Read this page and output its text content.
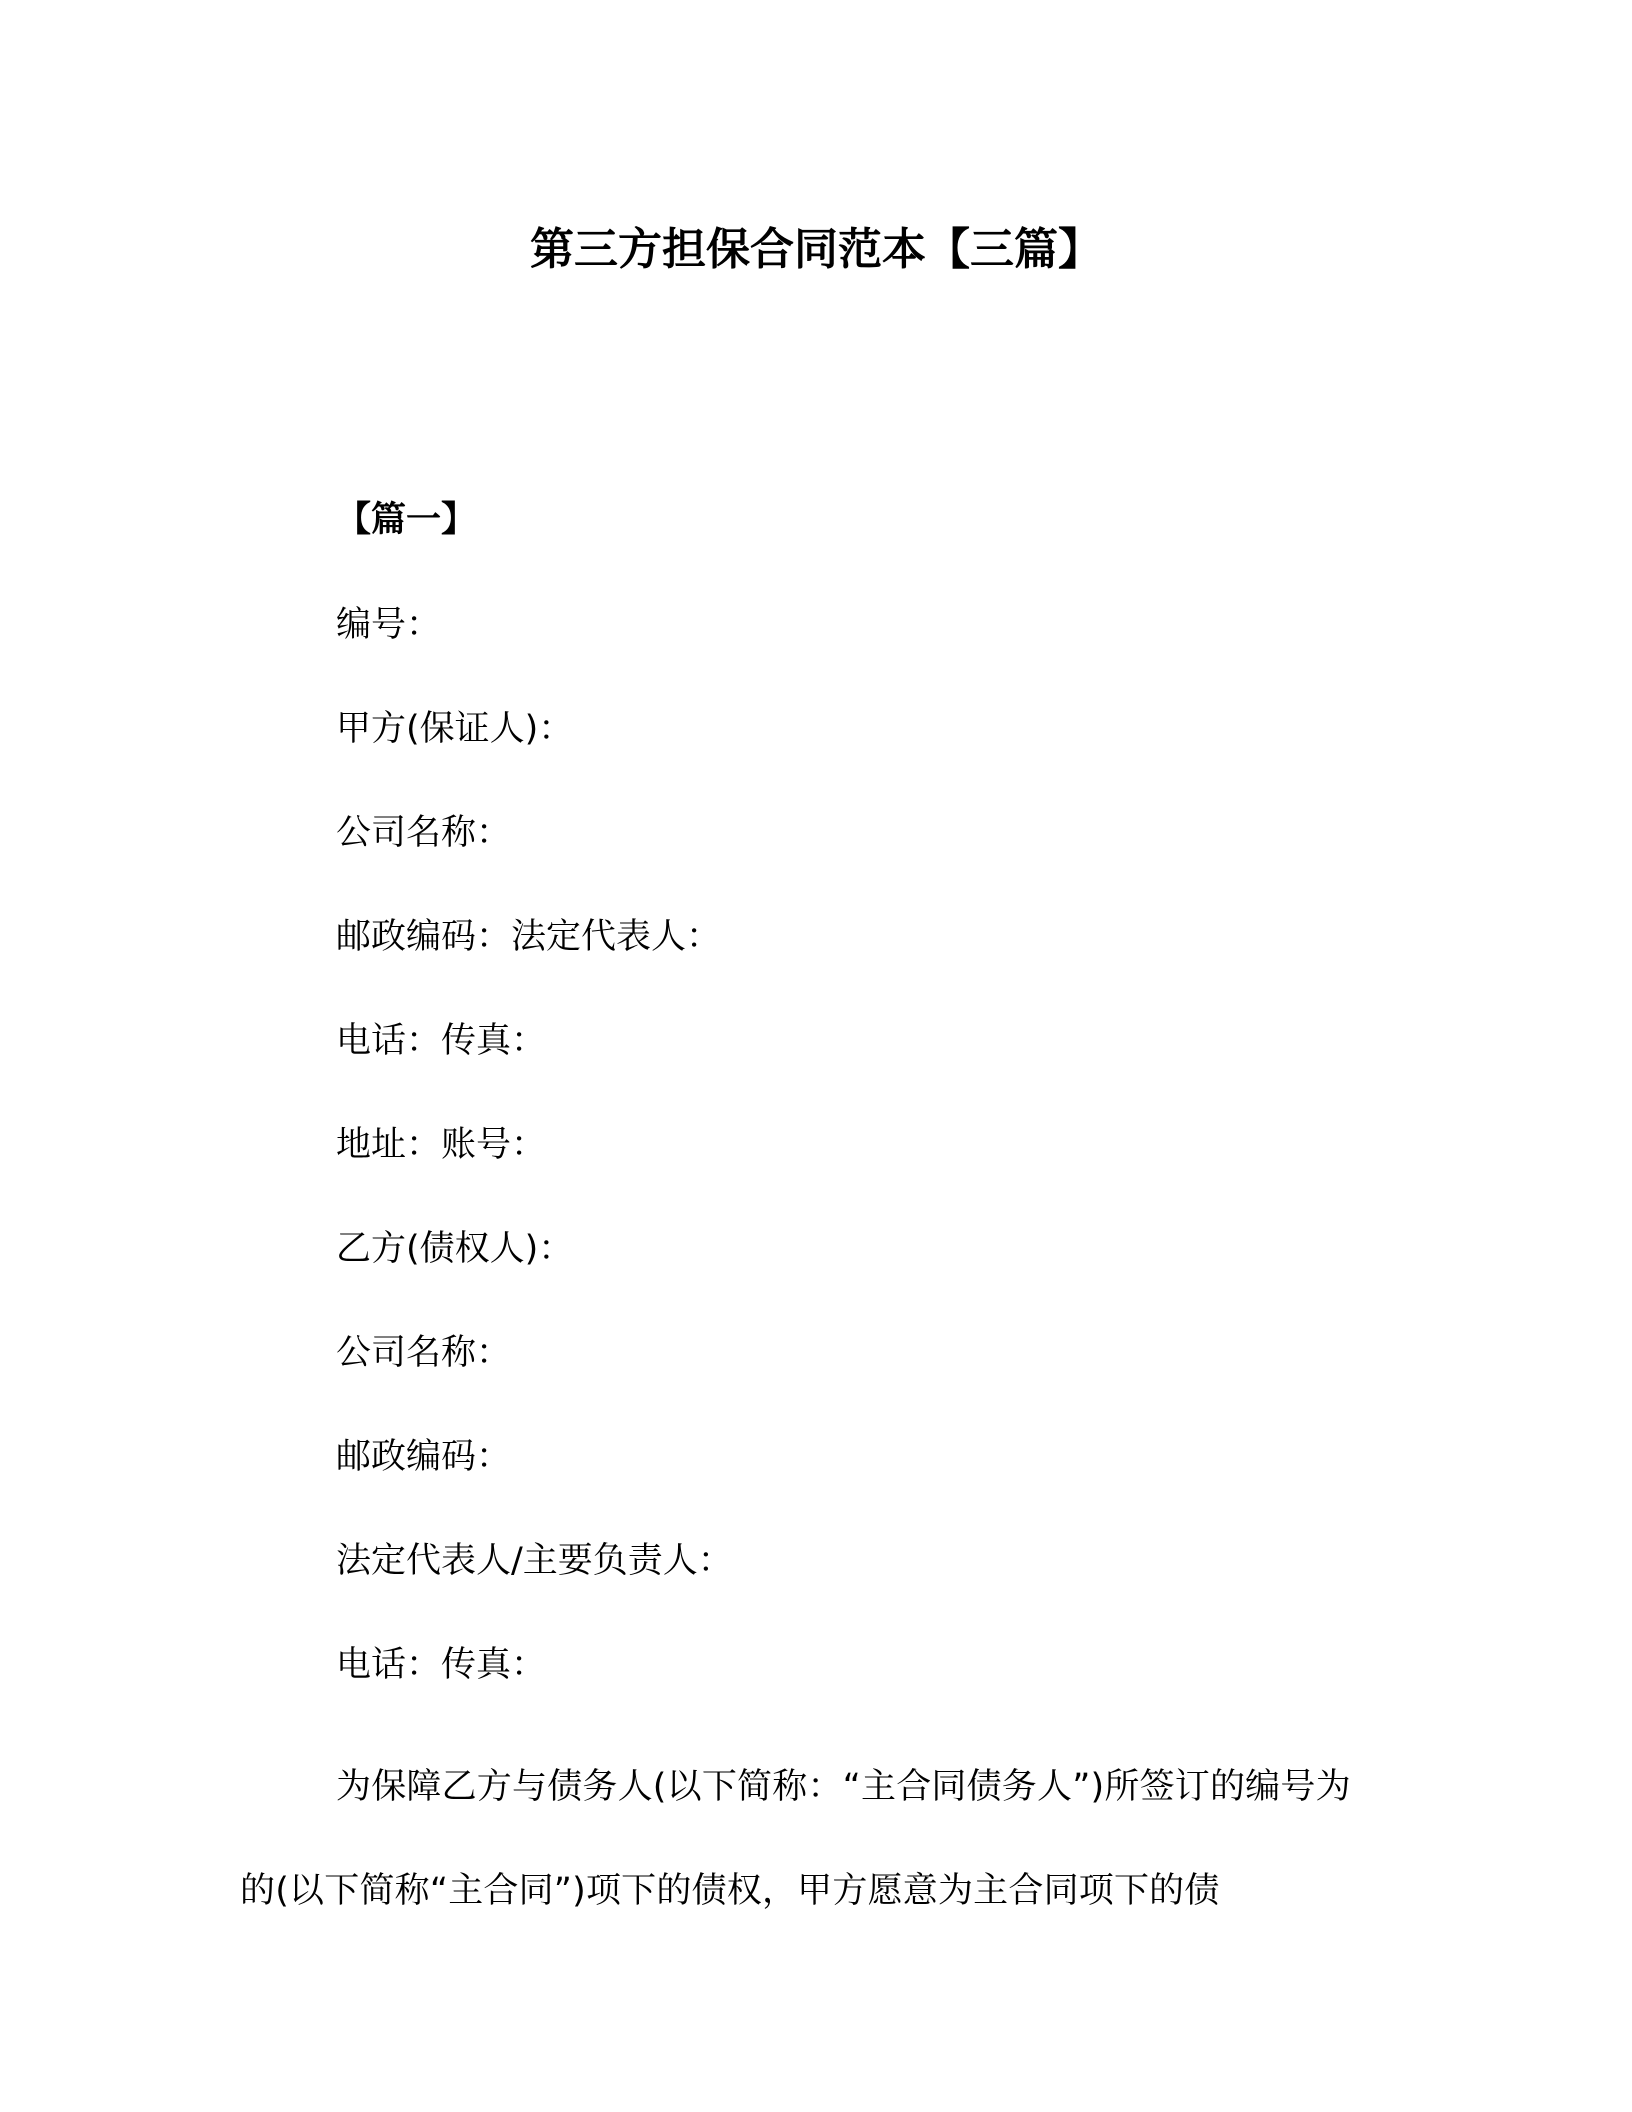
第三方担保合同范本【三篇】
【篇一】
编号：
甲方(保证人)：
公司名称：
邮政编码：法定代表人：
电话：传真：
地址：账号：
乙方(债权人)：
公司名称：
邮政编码：
法定代表人/主要负责人：
电话：传真：

为保障乙方与债务人(以下简称：“主合同债务人”)所签订的编号为的(以下简称“主合同”)项下的债权，甲方愿意为主合同项下的债
